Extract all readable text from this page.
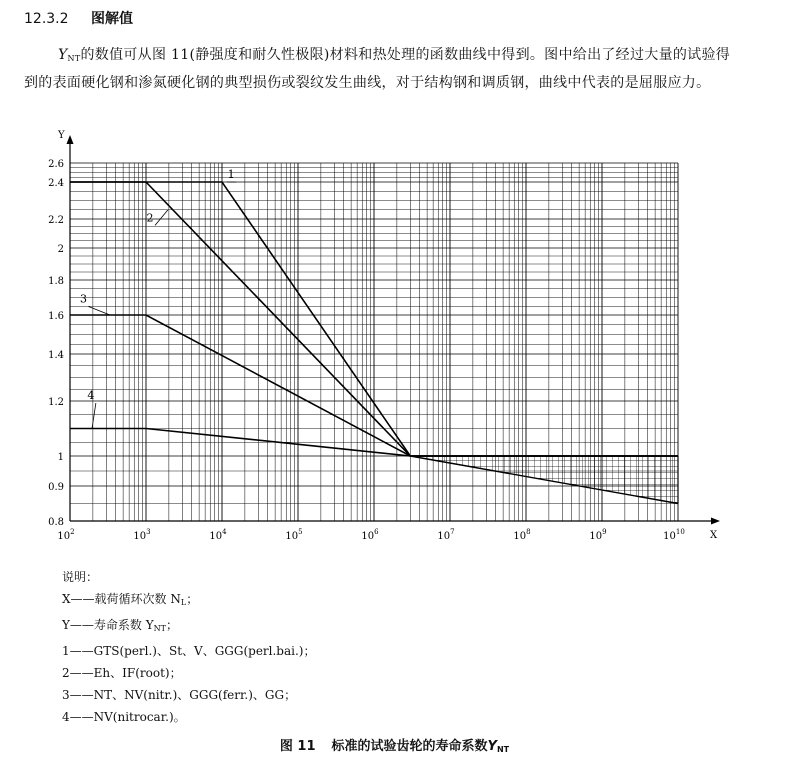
12.3.2 图解值
$Y_{NT}$的数值可从图 11(静强度和耐久性极限)材料和热处理的函数曲线中得到。图中给出了经过大量的试验得到的表面硬化钢和渗氮硬化钢的典型损伤或裂纹发生曲线，对于结构钢和调质钢，曲线中代表的是屈服应力。
1
2
3
4
X
Y
0.8
0.9
1
1.2
1.4
1.6
1.8
2
2.2
2.4
2.6
$10^2$	$10^3$	$10^4$	$10^5$	$10^6$	$10^7$	$10^8$	$10^9$	$10^{10}$
说明：
X——载荷循环次数 $N_L$；
Y——寿命系数 $Y_{NT}$；
1——GTS(perl.)、St、V、GGG(perl.bai.)；
2——Eh、IF(root)；
3——NT、NV(nitr.)、GGG(ferr.)、GG；
4——NV(nitrocar.)。
图 11 标准的试验齿轮的寿命系数$Y_{NT}$
